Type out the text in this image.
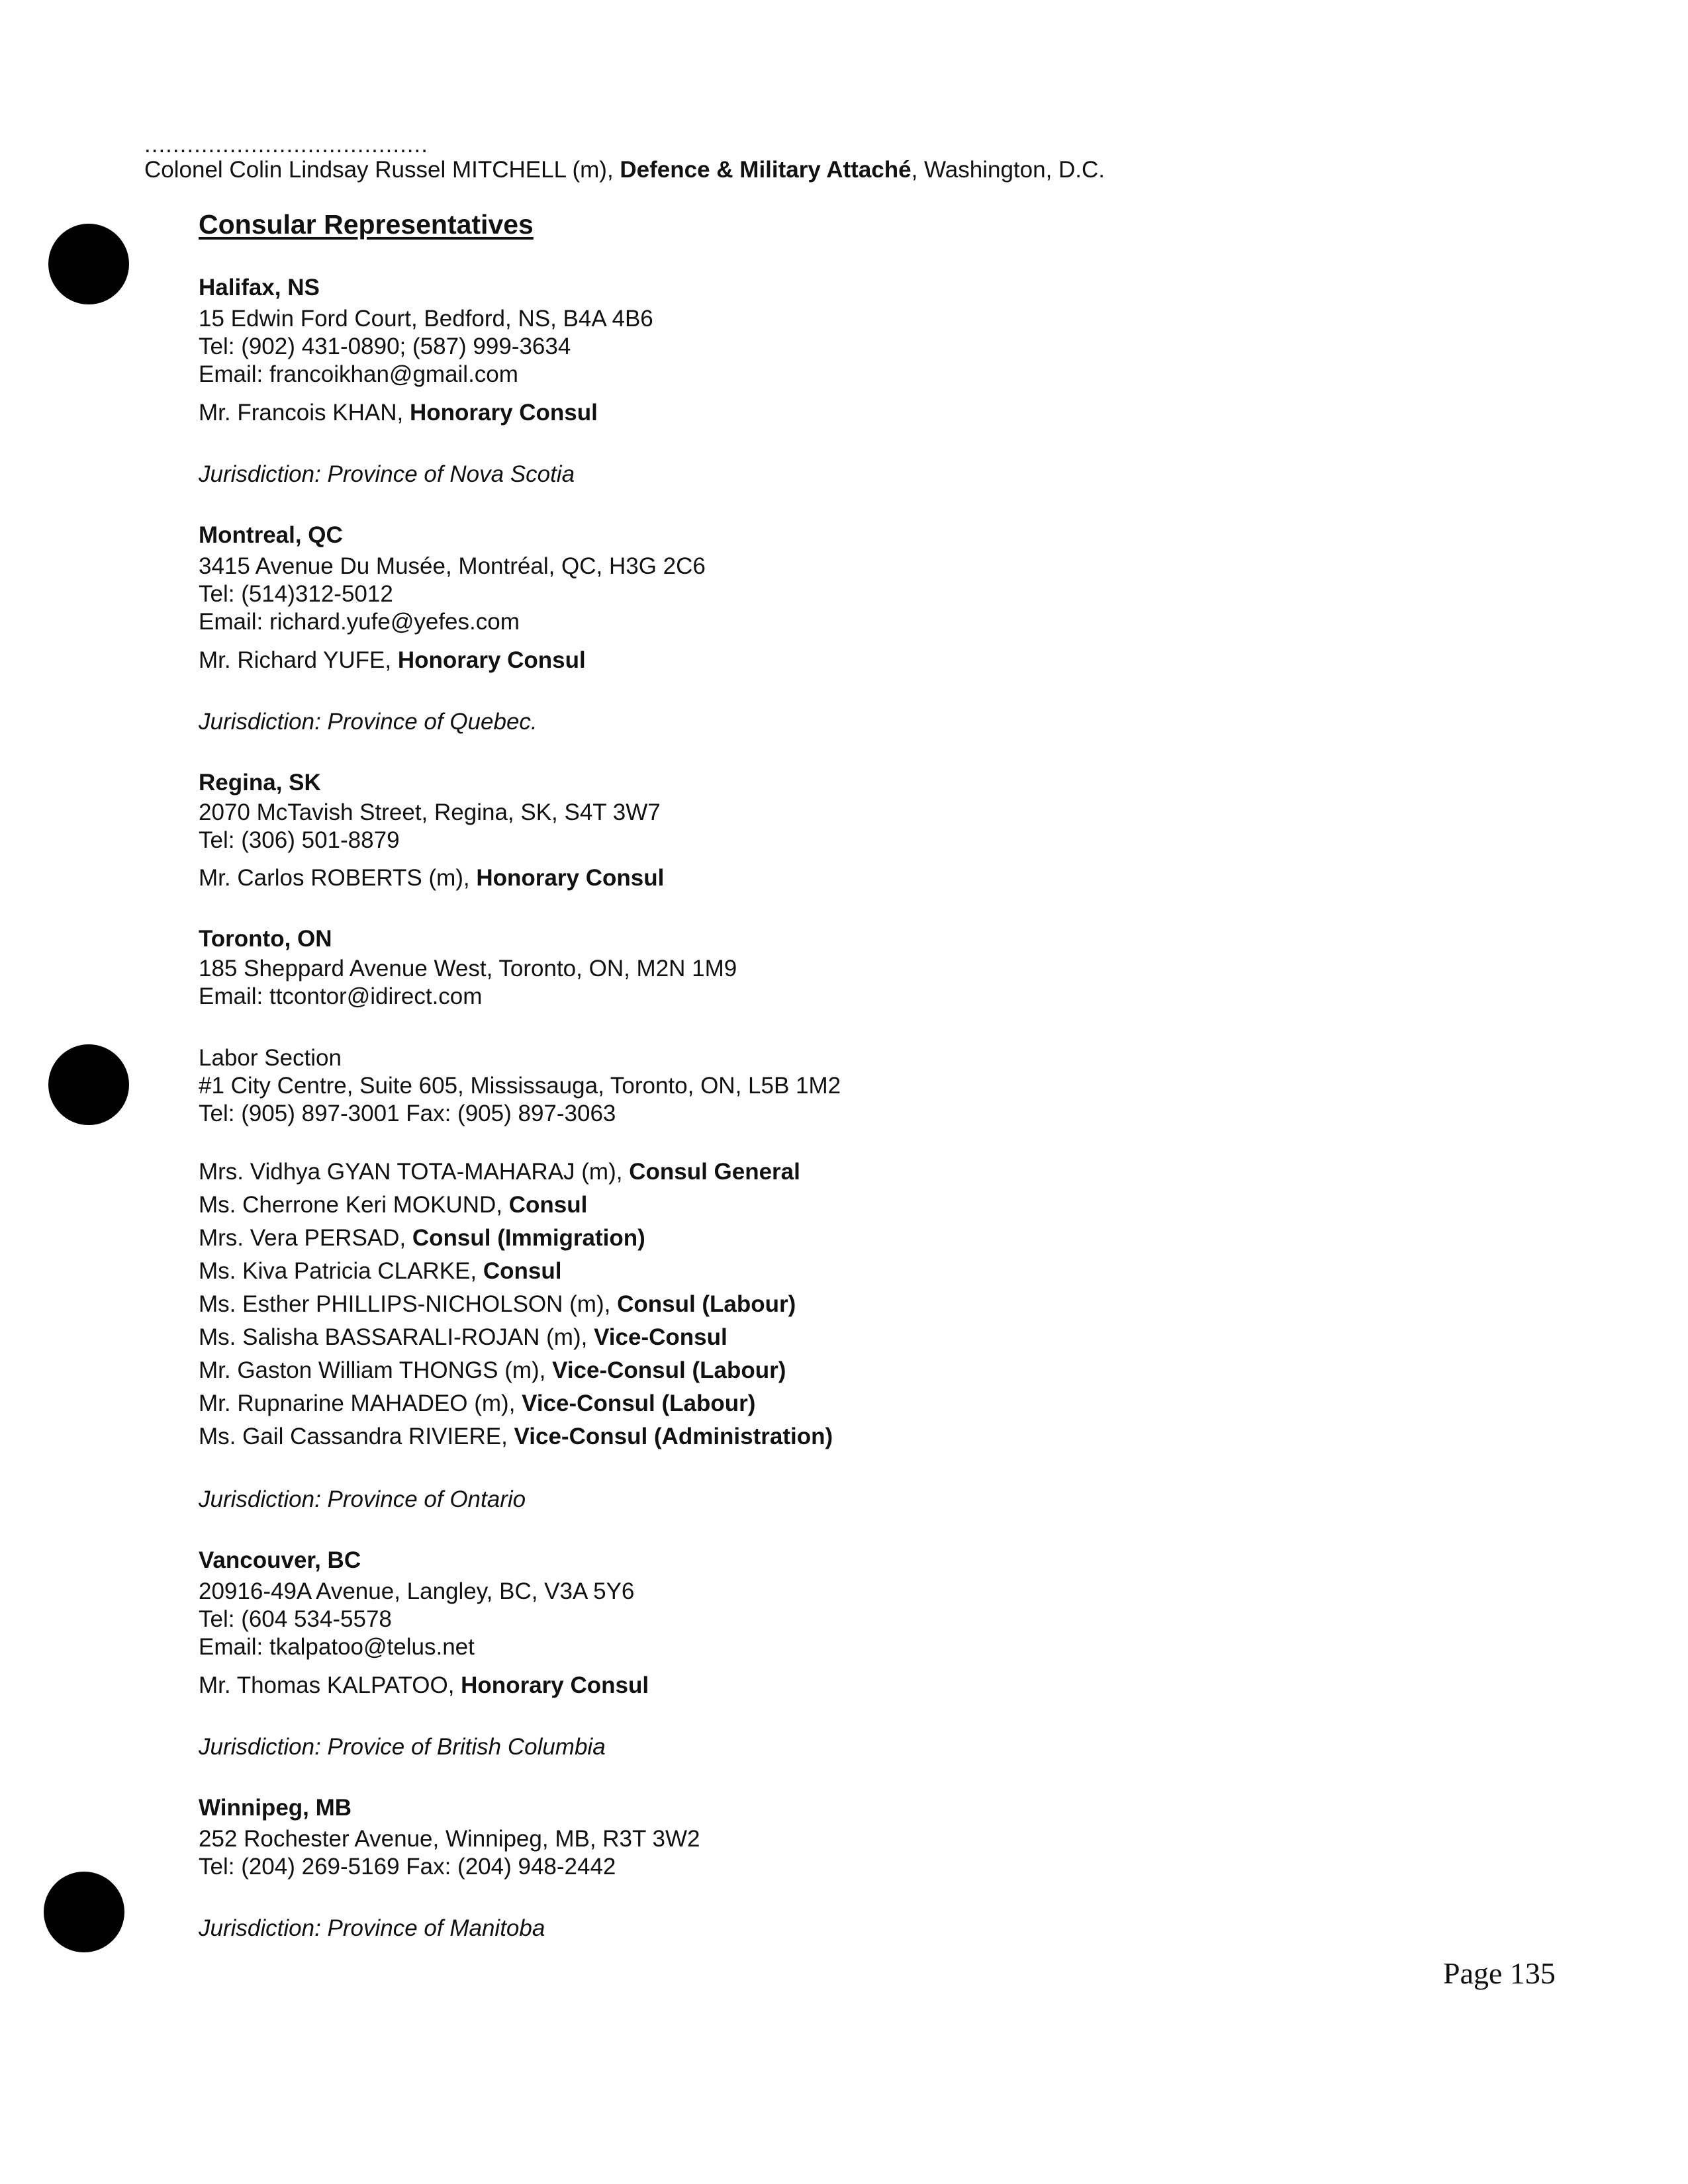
........................................
Colonel Colin Lindsay Russel MITCHELL (m), Defence & Military Attaché, Washington, D.C.
Consular Representatives
Halifax, NS
15 Edwin Ford Court, Bedford, NS, B4A 4B6
Tel: (902) 431-0890; (587) 999-3634
Email: francoikhan@gmail.com
Mr. Francois KHAN, Honorary Consul
Jurisdiction: Province of Nova Scotia
Montreal, QC
3415 Avenue Du Musée, Montréal, QC, H3G 2C6
Tel: (514)312-5012
Email: richard.yufe@yefes.com
Mr. Richard YUFE, Honorary Consul
Jurisdiction: Province of Quebec.
Regina, SK
2070 McTavish Street, Regina, SK, S4T 3W7
Tel: (306) 501-8879
Mr. Carlos ROBERTS (m), Honorary Consul
Toronto, ON
185 Sheppard Avenue West, Toronto, ON, M2N 1M9
Email: ttcontor@idirect.com
Labor Section
#1 City Centre, Suite 605, Mississauga, Toronto, ON, L5B 1M2
Tel: (905) 897-3001 Fax: (905) 897-3063
Mrs. Vidhya GYAN TOTA-MAHARAJ (m), Consul General
Ms. Cherrone Keri MOKUND, Consul
Mrs. Vera PERSAD, Consul (Immigration)
Ms. Kiva Patricia CLARKE, Consul
Ms. Esther PHILLIPS-NICHOLSON (m), Consul (Labour)
Ms. Salisha BASSARALI-ROJAN (m), Vice-Consul
Mr. Gaston William THONGS (m), Vice-Consul (Labour)
Mr. Rupnarine MAHADEO (m), Vice-Consul (Labour)
Ms. Gail Cassandra RIVIERE, Vice-Consul (Administration)
Jurisdiction: Province of Ontario
Vancouver, BC
20916-49A Avenue, Langley, BC, V3A 5Y6
Tel: (604 534-5578
Email: tkalpatoo@telus.net
Mr. Thomas KALPATOO, Honorary Consul
Jurisdiction: Provice of British Columbia
Winnipeg, MB
252 Rochester Avenue, Winnipeg, MB, R3T 3W2
Tel: (204) 269-5169 Fax: (204) 948-2442
Jurisdiction: Province of Manitoba
Page 135
